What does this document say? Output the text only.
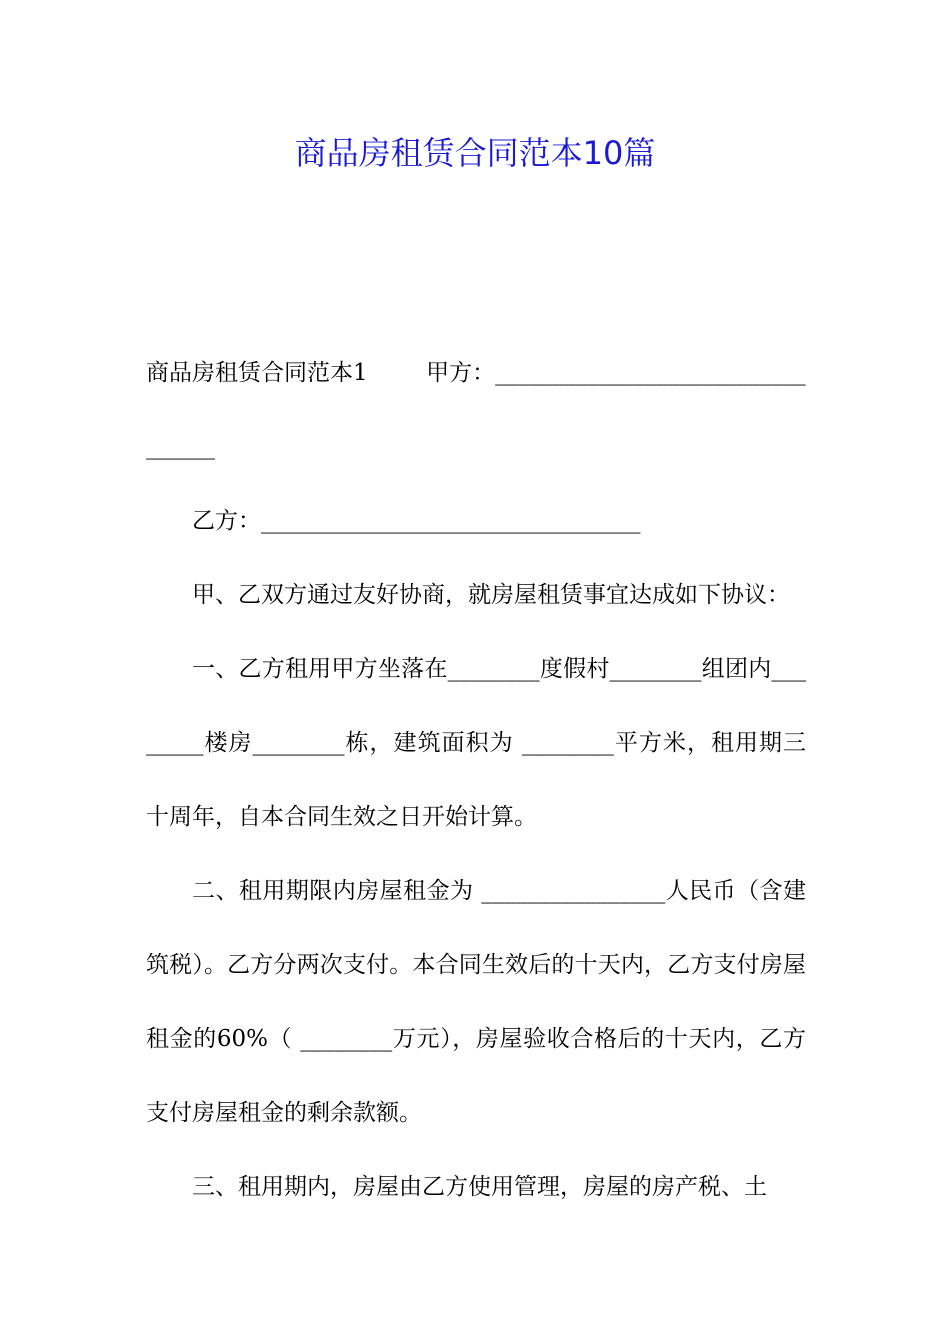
商品房租赁合同范本10篇

商品房租赁合同范本1        甲方：___________________________

______

乙方：_________________________________

甲、乙双方通过友好协商，就房屋租赁事宜达成如下协议：

一、乙方租用甲方坐落在________度假村________组团内________楼房________栋，建筑面积为 ________平方米，租用期三十周年，自本合同生效之日开始计算。

二、租用期限内房屋租金为 ________________人民币（含建筑税）。乙方分两次支付。本合同生效后的十天内，乙方支付房屋租金的60%（ ________万元），房屋验收合格后的十天内，乙方支付房屋租金的剩余款额。

三、租用期内，房屋由乙方使用管理，房屋的房产税、土
